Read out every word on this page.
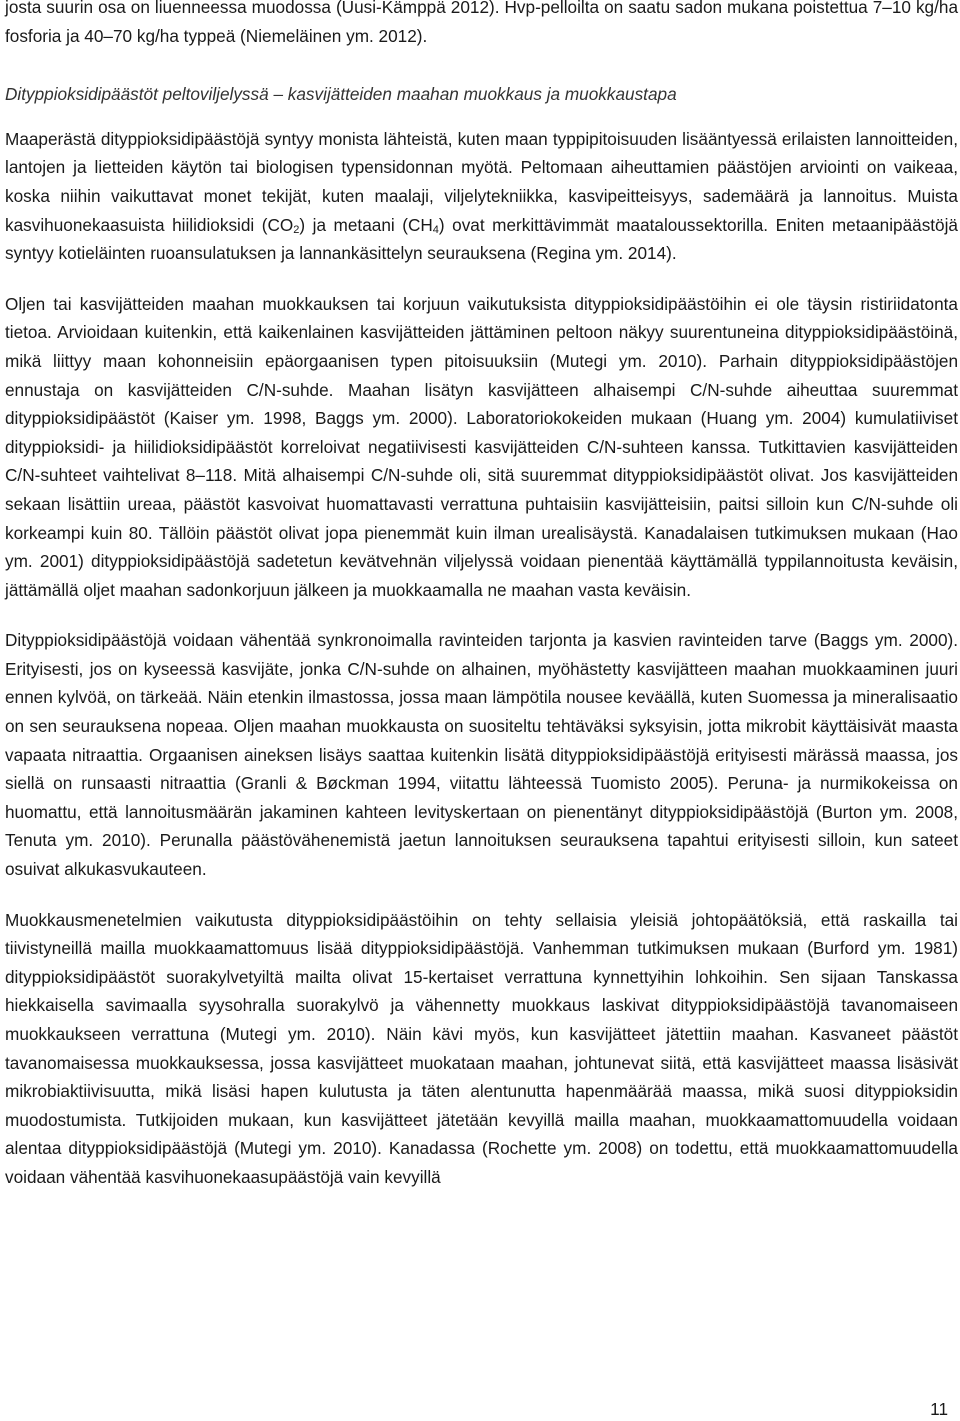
josta suurin osa on liuenneessa muodossa (Uusi-Kämppä 2012). Hvp-pelloilta on saatu sadon mukana poistettua 7–10 kg/ha fosforia ja 40–70 kg/ha typpeä (Niemeläinen ym. 2012).

Dityppioksidipäästöt peltoviljelyssä – kasvijätteiden maahan muokkaus ja muokkaustapa

Maaperästä dityppioksidipäästöjä syntyy monista lähteistä, kuten maan typpipitoisuuden lisääntyessä erilaisten lannoitteiden, lantojen ja lietteiden käytön tai biologisen typensidonnan myötä. Peltomaan aiheuttamien päästöjen arviointi on vaikeaa, koska niihin vaikuttavat monet tekijät, kuten maalaji, viljelytekniikka, kasvipeitteisyys, sademäärä ja lannoitus. Muista kasvihuonekaasuista hiilidioksidi $(CO_2)$ ja metaani $(CH_4)$ ovat merkittävimmät maataloussektorilla. Eniten metaanipäästöjä syntyy kotieläinten ruoansulatuksen ja lannankäsittelyn seurauksena (Regina ym. 2014).

Oljen tai kasvijätteiden maahan muokkauksen tai korjuun vaikutuksista dityppioksidipäästöihin ei ole täysin ristiriidatonta tietoa. Arvioidaan kuitenkin, että kaikenlainen kasvijätteiden jättäminen peltoon näkyy suurentuneina dityppioksidipäästöinä, mikä liittyy maan kohonneisiin epäorgaanisen typen pitoisuuksiin (Mutegi ym. 2010). Parhain dityppioksidipäästöjen ennustaja on kasvijätteiden C/N-suhde. Maahan lisätyn kasvijätteen alhaisempi C/N-suhde aiheuttaa suuremmat dityppioksidipäästöt (Kaiser ym. 1998, Baggs ym. 2000). Laboratoriokokeiden mukaan (Huang ym. 2004) kumulatiiviset dityppioksidi- ja hiilidioksidipäästöt korreloivat negatiivisesti kasvijätteiden C/N-suhteen kanssa. Tutkittavien kasvijätteiden C/N-suhteet vaihtelivat 8–118. Mitä alhaisempi C/N-suhde oli, sitä suuremmat dityppioksidipäästöt olivat. Jos kasvijätteiden sekaan lisättiin ureaa, päästöt kasvoivat huomattavasti verrattuna puhtaisiin kasvijätteisiin, paitsi silloin kun C/N-suhde oli korkeampi kuin 80. Tällöin päästöt olivat jopa pienemmät kuin ilman urealisäystä. Kanadalaisen tutkimuksen mukaan (Hao ym. 2001) dityppioksidipäästöjä sadetetun kevätvehnän viljelyssä voidaan pienentää käyttämällä typpilannoitusta keväisin, jättämällä oljet maahan sadonkorjuun jälkeen ja muokkaamalla ne maahan vasta keväisin.

Dityppioksidipäästöjä voidaan vähentää synkronoimalla ravinteiden tarjonta ja kasvien ravinteiden tarve (Baggs ym. 2000). Erityisesti, jos on kyseessä kasvijäte, jonka C/N-suhde on alhainen, myöhästetty kasvijätteen maahan muokkaaminen juuri ennen kylvöä, on tärkeää. Näin etenkin ilmastossa, jossa maan lämpötila nousee keväällä, kuten Suomessa ja mineralisaatio on sen seurauksena nopeaa. Oljen maahan muokkausta on suositeltu tehtäväksi syksyisin, jotta mikrobit käyttäisivät maasta vapaata nitraattia. Orgaanisen aineksen lisäys saattaa kuitenkin lisätä dityppioksidipäästöjä erityisesti märässä maassa, jos siellä on runsaasti nitraattia (Granli & Bøckman 1994, viitattu lähteessä Tuomisto 2005). Peruna- ja nurmikokeissa on huomattu, että lannoitusmäärän jakaminen kahteen levityskertaan on pienentänyt dityppioksidipäästöjä (Burton ym. 2008, Tenuta ym. 2010). Perunalla päästövähenemistä jaetun lannoituksen seurauksena tapahtui erityisesti silloin, kun sateet osuivat alkukasvukauteen.

Muokkausmenetelmien vaikutusta dityppioksidipäästöihin on tehty sellaisia yleisiä johtopäätöksiä, että raskailla tai tiivistyneillä mailla muokkaamattomuus lisää dityppioksidipäästöjä. Vanhemman tutkimuksen mukaan (Burford ym. 1981) dityppioksidipäästöt suorakylvetyiltä mailta olivat 15-kertaiset verrattuna kynnettyihin lohkoihin. Sen sijaan Tanskassa hiekkaisella savimaalla syysohralla suorakylvö ja vähennetty muokkaus laskivat dityppioksidipäästöjä tavanomaiseen muokkaukseen verrattuna (Mutegi ym. 2010). Näin kävi myös, kun kasvijätteet jätettiin maahan. Kasvaneet päästöt tavanomaisessa muokkauksessa, jossa kasvijätteet muokataan maahan, johtunevat siitä, että kasvijätteet maassa lisäsivät mikrobiaktiivisuutta, mikä lisäsi hapen kulutusta ja täten alentunutta hapenmäärää maassa, mikä suosi dityppioksidin muodostumista. Tutkijoiden mukaan, kun kasvijätteet jätetään kevyillä mailla maahan, muokkaamattomuudella voidaan alentaa dityppioksidipäästöjä (Mutegi ym. 2010). Kanadassa (Rochette ym. 2008) on todettu, että muokkaamattomuudella voidaan vähentää kasvihuonekaasupäästöjä vain kevyillä

11
